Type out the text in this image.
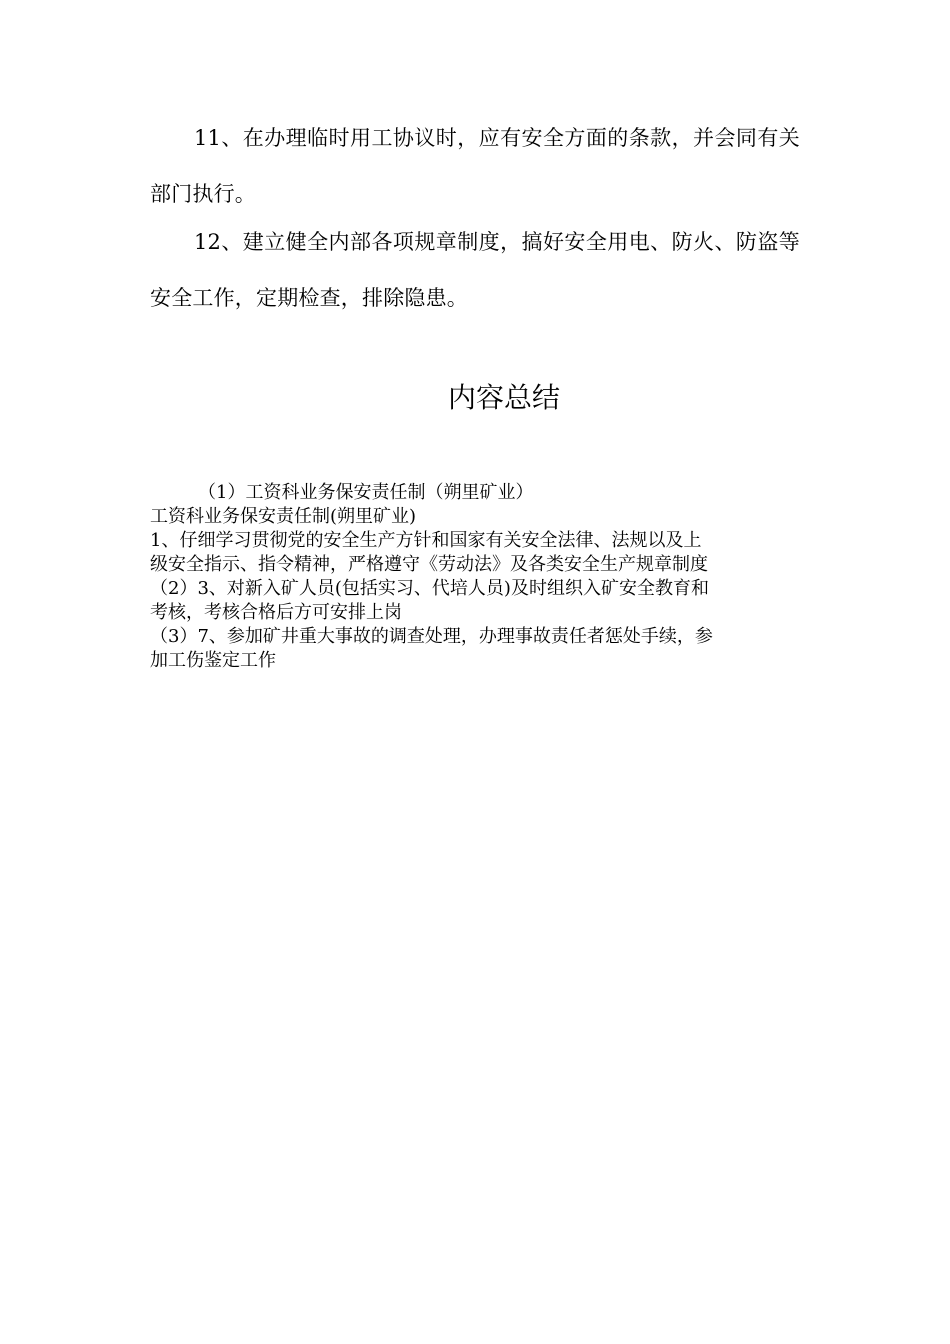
11、在办理临时用工协议时，应有安全方面的条款，并会同有关部门执行。

12、建立健全内部各项规章制度，搞好安全用电、防火、防盗等安全工作，定期检查，排除隐患。

内容总结

（1）工资科业务保安责任制（朔里矿业）

工资科业务保安责任制(朔里矿业)

1、仔细学习贯彻党的安全生产方针和国家有关安全法律、法规以及上

级安全指示、指令精神，严格遵守《劳动法》及各类安全生产规章制度

（2）3、对新入矿人员(包括实习、代培人员)及时组织入矿安全教育和

考核，考核合格后方可安排上岗

（3）7、参加矿井重大事故的调查处理，办理事故责任者惩处手续，参

加工伤鉴定工作
